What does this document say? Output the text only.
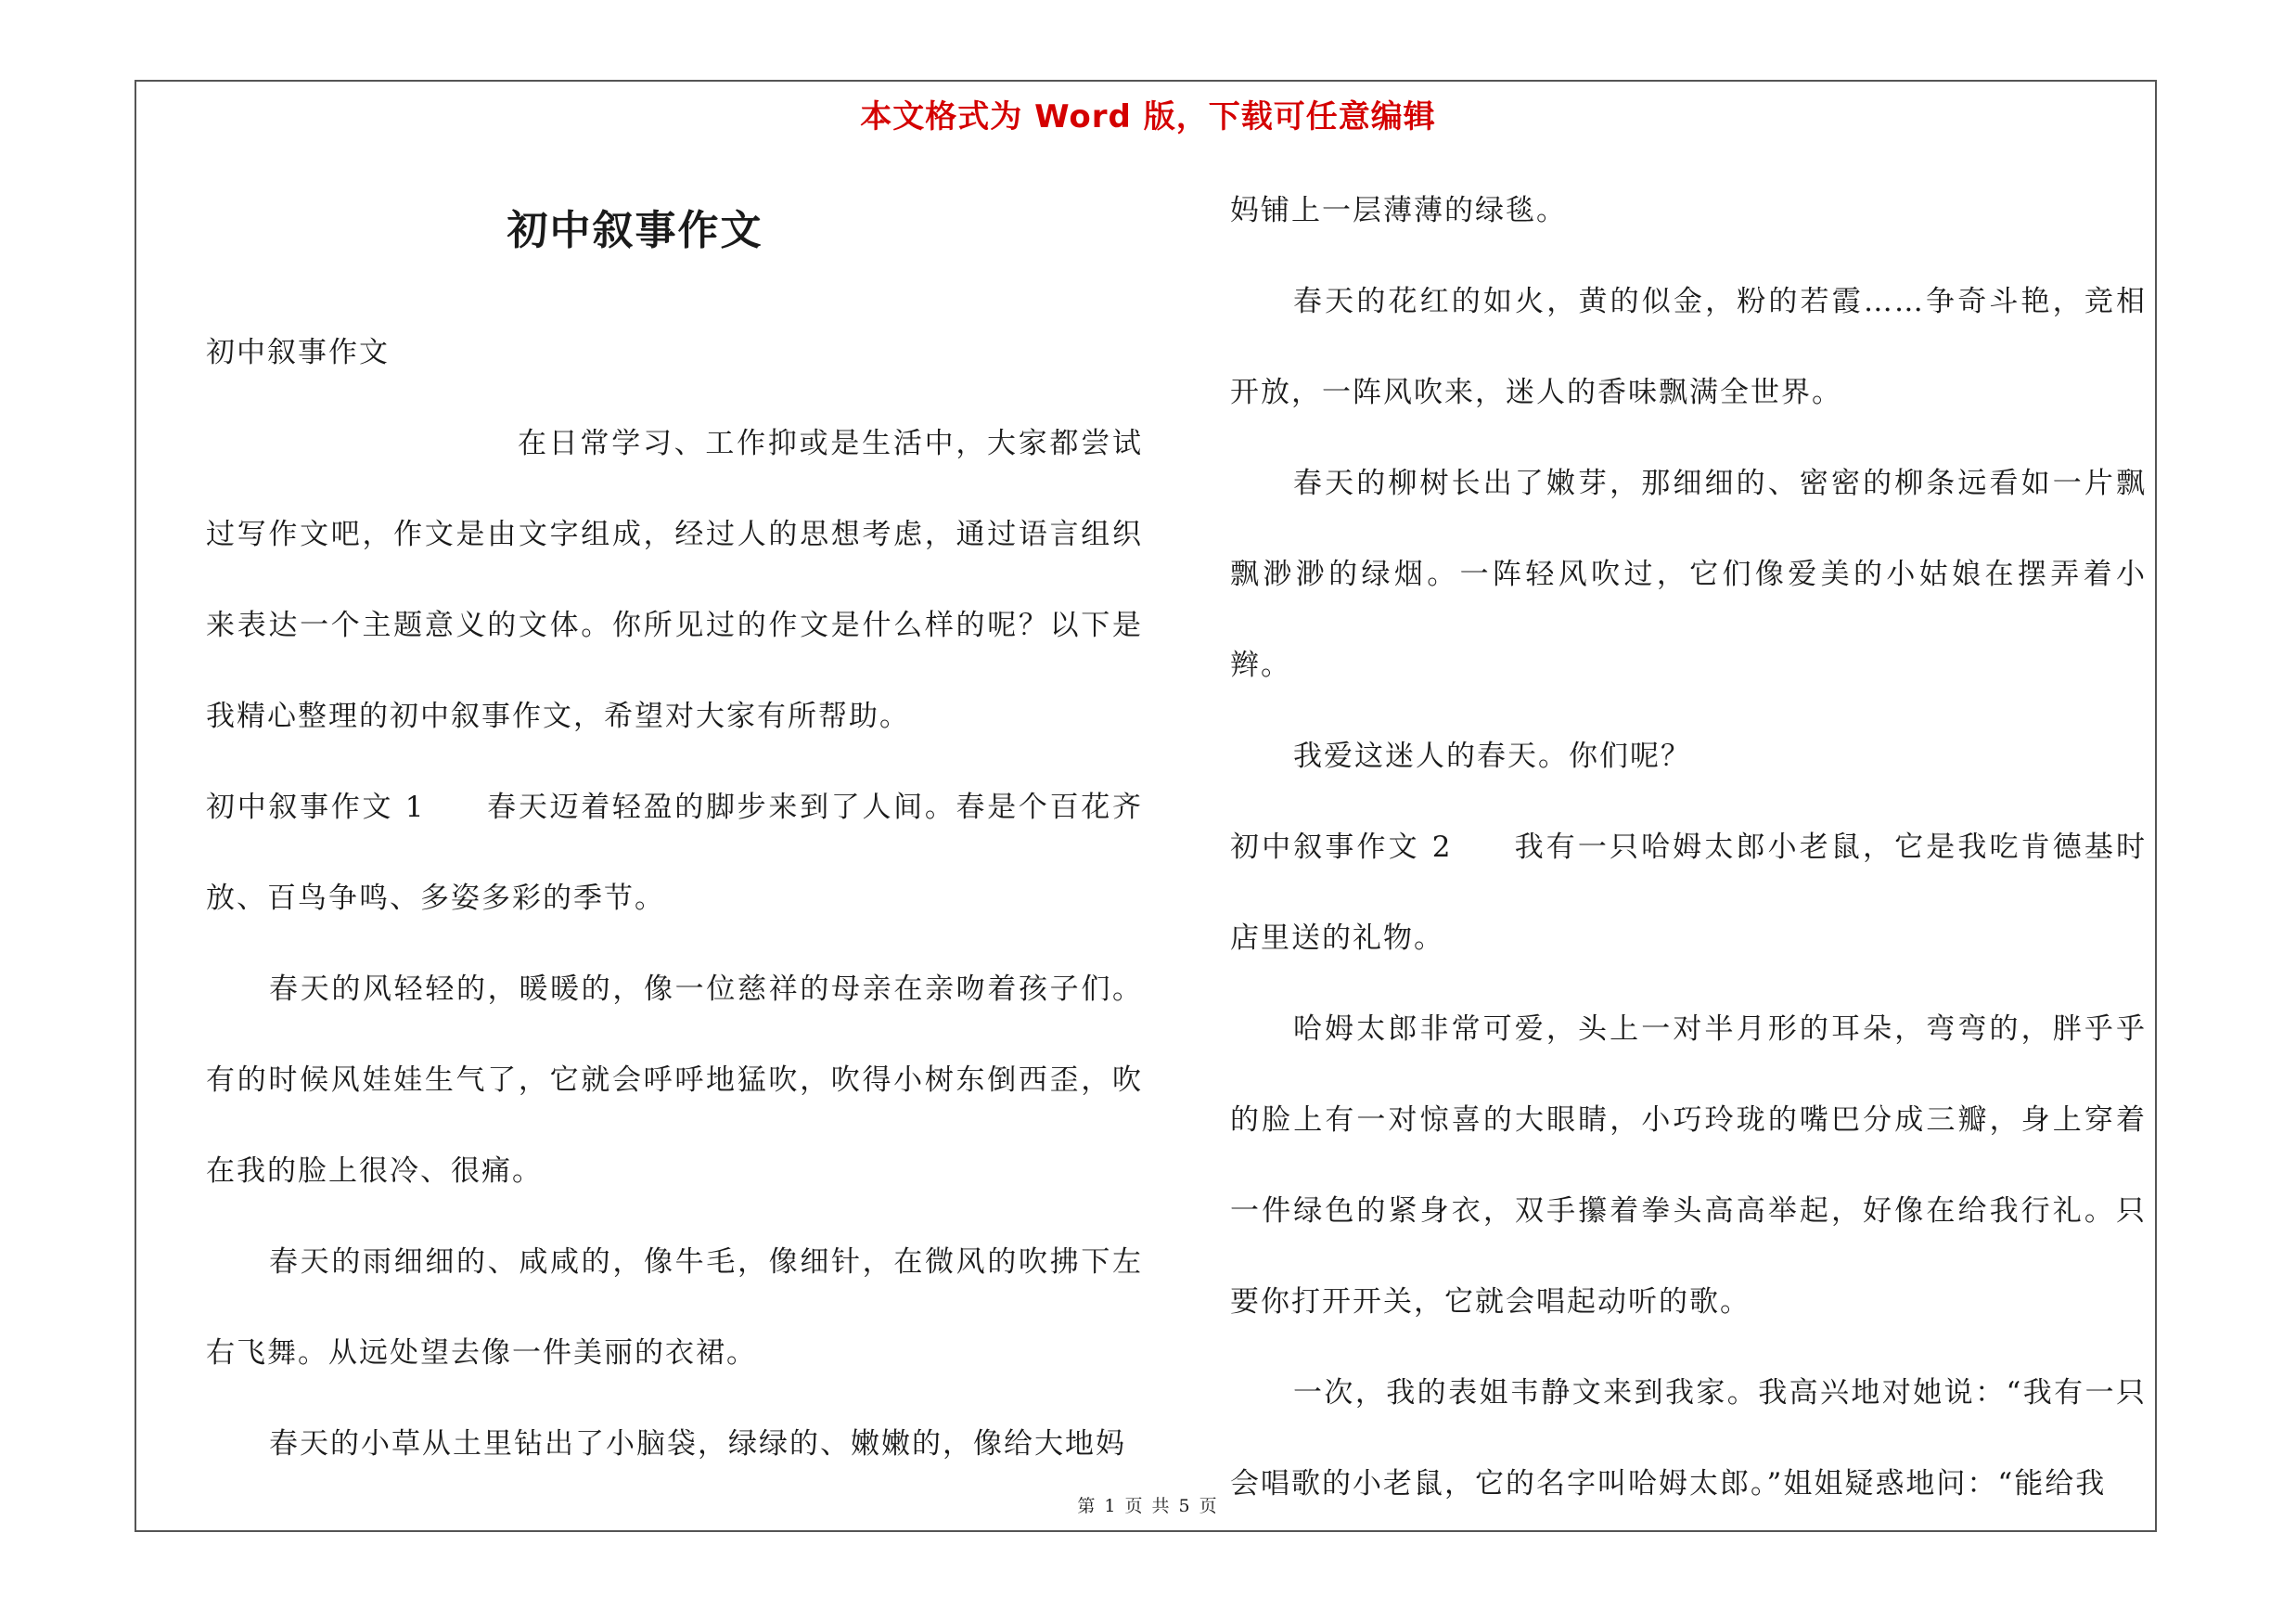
本文格式为 Word 版，下载可任意编辑
初中叙事作文

初中叙事作文

在日常学习、工作抑或是生活中，大家都尝试过写作文吧，作文是由文字组成，经过人的思想考虑，通过语言组织来表达一个主题意义的文体。你所见过的作文是什么样的呢？以下是我精心整理的初中叙事作文，希望对大家有所帮助。

初中叙事作文 1 春天迈着轻盈的脚步来到了人间。春是个百花齐放、百鸟争鸣、多姿多彩的季节。

春天的风轻轻的，暖暖的，像一位慈祥的母亲在亲吻着孩子们。有的时候风娃娃生气了，它就会呼呼地猛吹，吹得小树东倒西歪，吹在我的脸上很冷、很痛。

春天的雨细细的、咸咸的，像牛毛，像细针，在微风的吹拂下左右飞舞。从远处望去像一件美丽的衣裙。

春天的小草从土里钻出了小脑袋，绿绿的、嫩嫩的，像给大地妈

妈铺上一层薄薄的绿毯。

春天的花红的如火，黄的似金，粉的若霞……争奇斗艳，竞相开放，一阵风吹来，迷人的香味飘满全世界。

春天的柳树长出了嫩芽，那细细的、密密的柳条远看如一片飘飘渺渺的绿烟。一阵轻风吹过，它们像爱美的小姑娘在摆弄着小辫。

我爱这迷人的春天。你们呢？

初中叙事作文 2 我有一只哈姆太郎小老鼠，它是我吃肯德基时店里送的礼物。

哈姆太郎非常可爱，头上一对半月形的耳朵，弯弯的，胖乎乎的脸上有一对惊喜的大眼睛，小巧玲珑的嘴巴分成三瓣，身上穿着一件绿色的紧身衣，双手攥着拳头高高举起，好像在给我行礼。只要你打开开关，它就会唱起动听的歌。

一次，我的表姐韦静文来到我家。我高兴地对她说：“我有一只会唱歌的小老鼠，它的名字叫哈姆太郎。”姐姐疑惑地问：“能给我

第 1 页 共 5 页
